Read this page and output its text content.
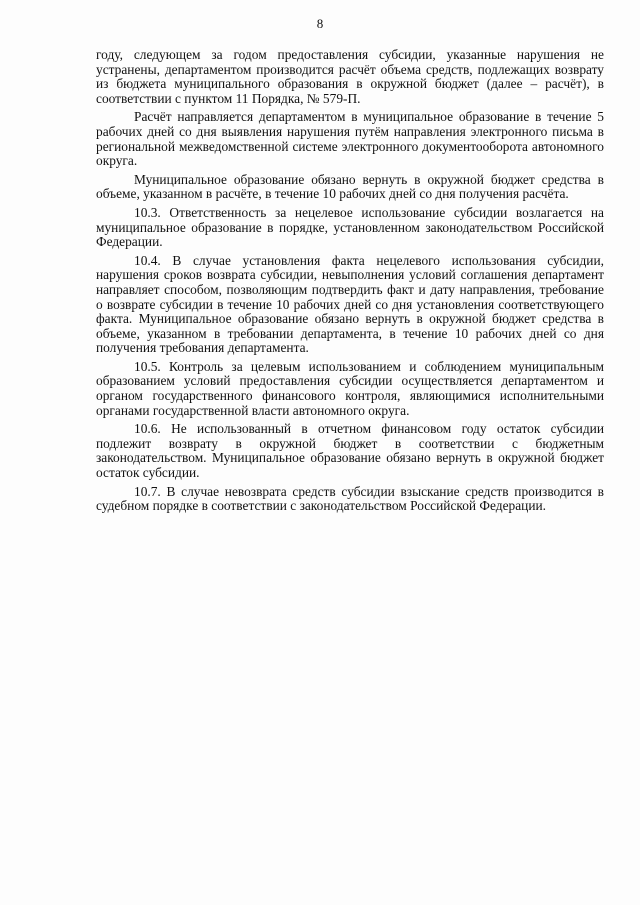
8

году, следующем за годом предоставления субсидии, указанные нарушения не устранены, департаментом производится расчёт объема средств, подлежащих возврату из бюджета муниципального образования в окружной бюджет (далее – расчёт), в соответствии с пунктом 11 Порядка, № 579-П.

Расчёт направляется департаментом в муниципальное образование в течение 5 рабочих дней со дня выявления нарушения путём направления электронного письма в региональной межведомственной системе электронного документооборота автономного округа.

Муниципальное образование обязано вернуть в окружной бюджет средства в объеме, указанном в расчёте, в течение 10 рабочих дней со дня получения расчёта.

10.3. Ответственность за нецелевое использование субсидии возлагается на муниципальное образование в порядке, установленном законодательством Российской Федерации.

10.4. В случае установления факта нецелевого использования субсидии, нарушения сроков возврата субсидии, невыполнения условий соглашения департамент направляет способом, позволяющим подтвердить факт и дату направления, требование о возврате субсидии в течение 10 рабочих дней со дня установления соответствующего факта. Муниципальное образование обязано вернуть в окружной бюджет средства в объеме, указанном в требовании департамента, в течение 10 рабочих дней со дня получения требования департамента.

10.5. Контроль за целевым использованием и соблюдением муниципальным образованием условий предоставления субсидии осуществляется департаментом и органом государственного финансового контроля, являющимися исполнительными органами государственной власти автономного округа.

10.6. Не использованный в отчетном финансовом году остаток субсидии подлежит возврату в окружной бюджет в соответствии с бюджетным законодательством. Муниципальное образование обязано вернуть в окружной бюджет остаток субсидии.

10.7. В случае невозврата средств субсидии взыскание средств производится в судебном порядке в соответствии с законодательством Российской Федерации.
